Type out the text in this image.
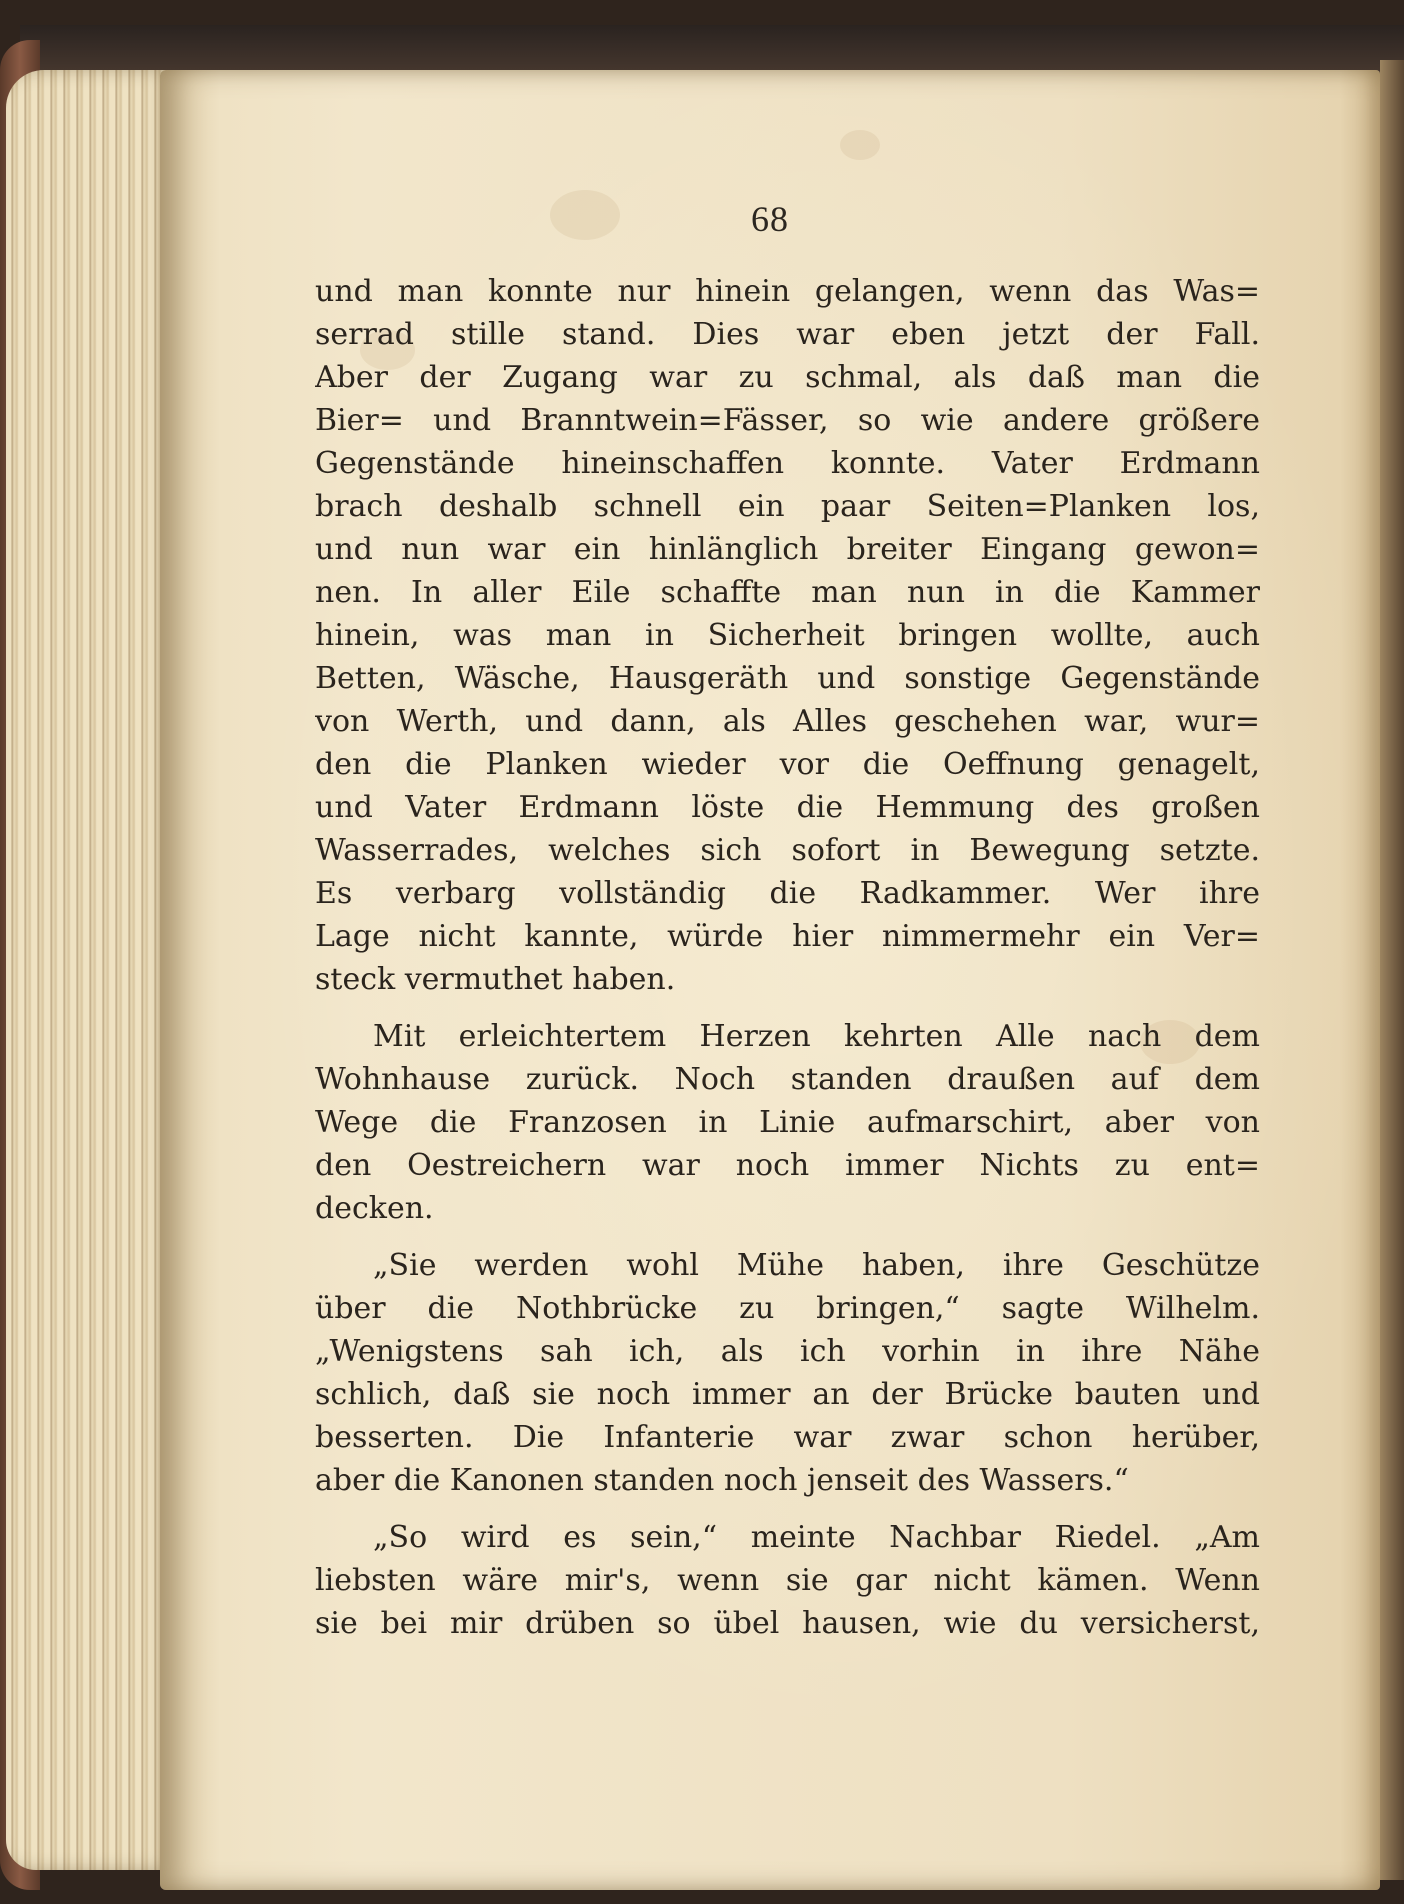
68
und man konnte nur hinein gelangen, wenn das Was=
serrad stille stand. Dies war eben jetzt der Fall.
Aber der Zugang war zu schmal, als daß man die
Bier= und Branntwein=Fässer, so wie andere größere
Gegenstände hineinschaffen konnte. Vater Erdmann
brach deshalb schnell ein paar Seiten=Planken los,
und nun war ein hinlänglich breiter Eingang gewon=
nen. In aller Eile schaffte man nun in die Kammer
hinein, was man in Sicherheit bringen wollte, auch
Betten, Wäsche, Hausgeräth und sonstige Gegenstände
von Werth, und dann, als Alles geschehen war, wur=
den die Planken wieder vor die Oeffnung genagelt,
und Vater Erdmann löste die Hemmung des großen
Wasserrades, welches sich sofort in Bewegung setzte.
Es verbarg vollständig die Radkammer. Wer ihre
Lage nicht kannte, würde hier nimmermehr ein Ver=
steck vermuthet haben.
Mit erleichtertem Herzen kehrten Alle nach dem
Wohnhause zurück. Noch standen draußen auf dem
Wege die Franzosen in Linie aufmarschirt, aber von
den Oestreichern war noch immer Nichts zu ent=
decken.
„Sie werden wohl Mühe haben, ihre Geschütze
über die Nothbrücke zu bringen,“ sagte Wilhelm.
„Wenigstens sah ich, als ich vorhin in ihre Nähe
schlich, daß sie noch immer an der Brücke bauten und
besserten. Die Infanterie war zwar schon herüber,
aber die Kanonen standen noch jenseit des Wassers.“
„So wird es sein,“ meinte Nachbar Riedel. „Am
liebsten wäre mir's, wenn sie gar nicht kämen. Wenn
sie bei mir drüben so übel hausen, wie du versicherst,
